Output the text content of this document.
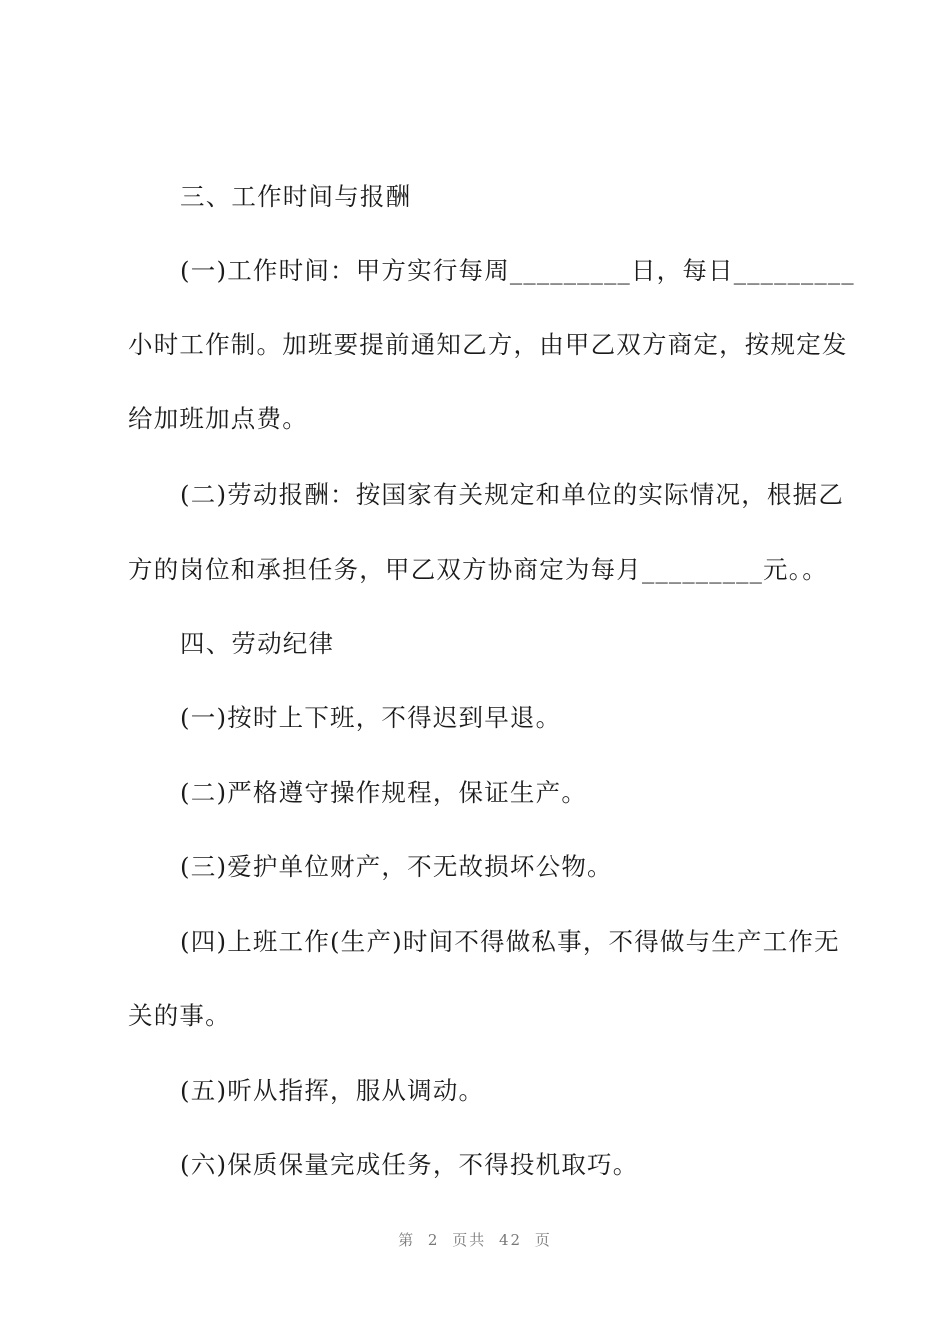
三、工作时间与报酬
(一)工作时间：甲方实行每周_________日，每日_________
小时工作制。加班要提前通知乙方，由甲乙双方商定，按规定发
给加班加点费。
(二)劳动报酬：按国家有关规定和单位的实际情况，根据乙
方的岗位和承担任务，甲乙双方协商定为每月_________元。。
四、劳动纪律
(一)按时上下班，不得迟到早退。
(二)严格遵守操作规程，保证生产。
(三)爱护单位财产，不无故损坏公物。
(四)上班工作(生产)时间不得做私事，不得做与生产工作无
关的事。
(五)听从指挥，服从调动。
(六)保质保量完成任务，不得投机取巧。
第 2 页共 42 页
